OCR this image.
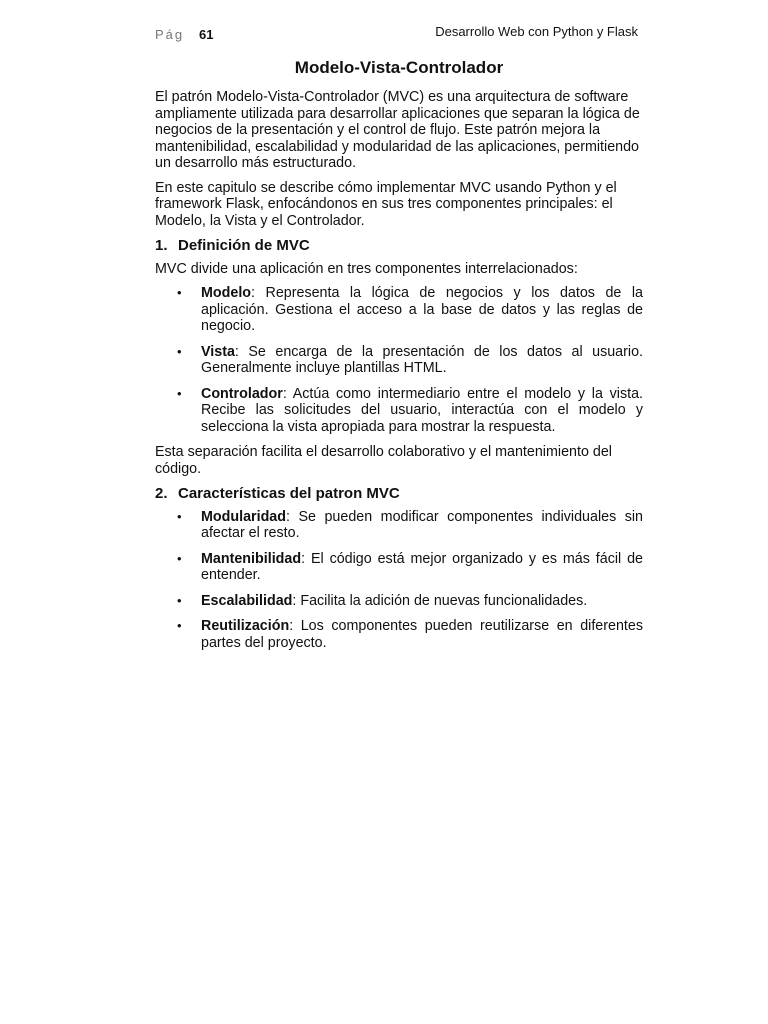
Pág 61	Desarrollo Web con Python y Flask
Modelo-Vista-Controlador

El patrón Modelo-Vista-Controlador (MVC) es una arquitectura de software ampliamente utilizada para desarrollar aplicaciones que separan la lógica de negocios de la presentación y el control de flujo. Este patrón mejora la mantenibilidad, escalabilidad y modularidad de las aplicaciones, permitiendo un desarrollo más estructurado.

En este capitulo se describe cómo implementar MVC usando Python y el framework Flask, enfocándonos en sus tres componentes principales: el Modelo, la Vista y el Controlador.

1. Definición de MVC

MVC divide una aplicación en tres componentes interrelacionados:

• Modelo: Representa la lógica de negocios y los datos de la aplicación. Gestiona el acceso a la base de datos y las reglas de negocio.
• Vista: Se encarga de la presentación de los datos al usuario. Generalmente incluye plantillas HTML.
• Controlador: Actúa como intermediario entre el modelo y la vista. Recibe las solicitudes del usuario, interactúa con el modelo y selecciona la vista apropiada para mostrar la respuesta.

Esta separación facilita el desarrollo colaborativo y el mantenimiento del código.

2. Características del patron MVC
• Modularidad: Se pueden modificar componentes individuales sin afectar el resto.
• Mantenibilidad: El código está mejor organizado y es más fácil de entender.
• Escalabilidad: Facilita la adición de nuevas funcionalidades.
• Reutilización: Los componentes pueden reutilizarse en diferentes partes del proyecto.
